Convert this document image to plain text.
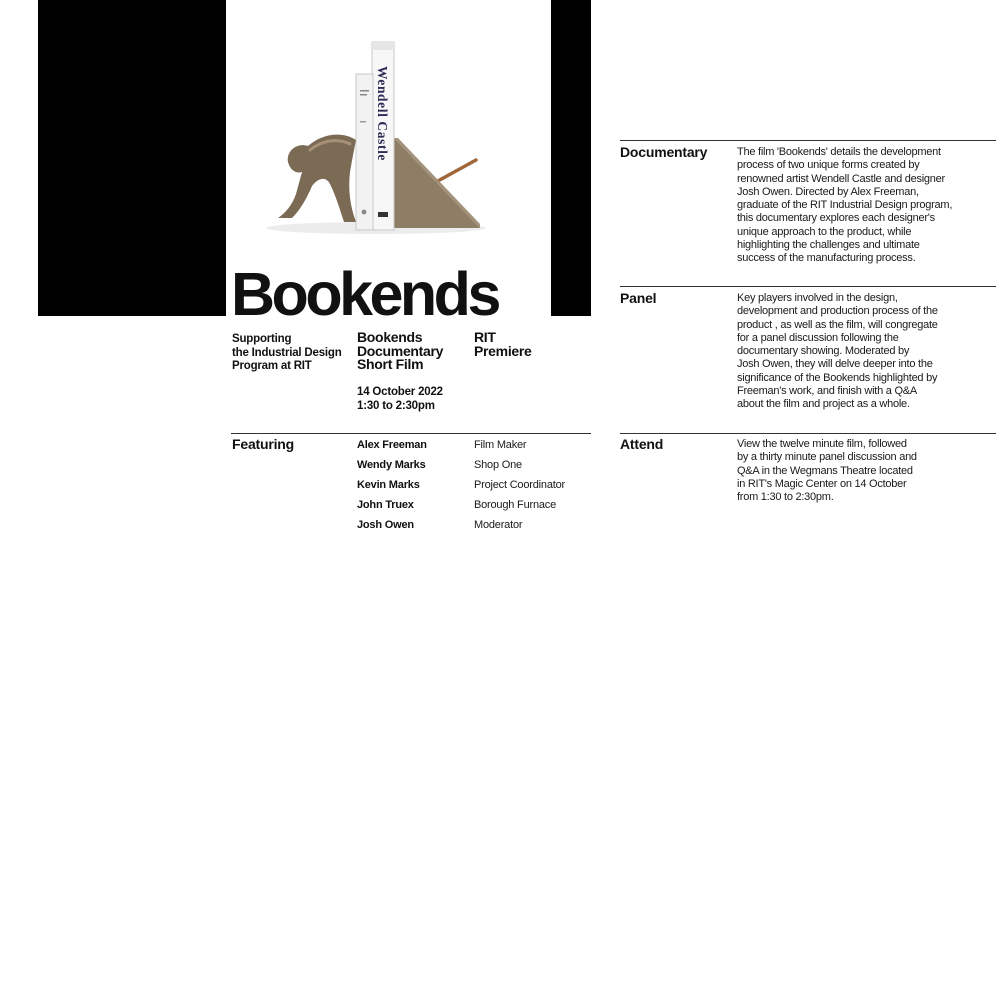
Wendell Castle
Bookends
Supporting
the Industrial Design
Program at RIT
Bookends
Documentary
Short Film
RIT
Premiere
14 October 2022
1:30 to 2:30pm
Featuring	Alex Freeman	Film Maker
Wendy Marks	Shop One
Kevin Marks	Project Coordinator
John Truex	Borough Furnace
Josh Owen	Moderator
Documentary	The film 'Bookends' details the development
process of two unique forms created by
renowned artist Wendell Castle and designer
Josh Owen. Directed by Alex Freeman,
graduate of the RIT Industrial Design program,
this documentary explores each designer's
unique approach to the product, while
highlighting the challenges and ultimate
success of the manufacturing process.
Panel	Key players involved in the design,
development and production process of the
product , as well as the film, will congregate
for a panel discussion following the
documentary showing. Moderated by
Josh Owen, they will delve deeper into the
significance of the Bookends highlighted by
Freeman's work, and finish with a Q&A
about the film and project as a whole.
Attend	View the twelve minute film, followed
by a thirty minute panel discussion and
Q&A in the Wegmans Theatre located
in RIT's Magic Center on 14 October
from 1:30 to 2:30pm.
